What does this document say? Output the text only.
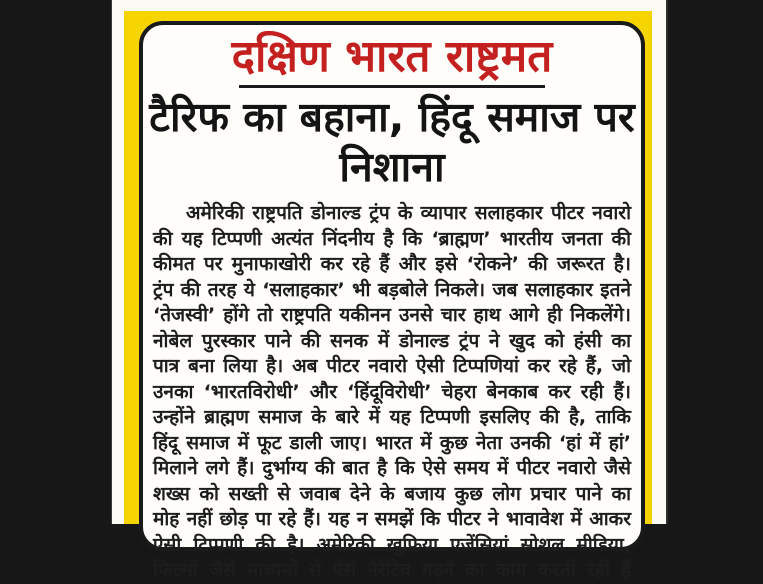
दक्षिण भारत राष्ट्रमत
टैरिफ का बहाना, हिंदू समाज पर निशाना
अमेरिकी राष्ट्रपति डोनाल्ड ट्रंप के व्यापार सलाहकार पीटर नवारो
की यह टिप्पणी अत्यंत निंदनीय है कि ‘ब्राह्मण’ भारतीय जनता की
कीमत पर मुनाफाखोरी कर रहे हैं और इसे ‘रोकने’ की जरूरत है।
ट्रंप की तरह ये ‘सलाहकार’ भी बड़बोले निकले। जब सलाहकार इतने
‘तेजस्वी’ होंगे तो राष्ट्रपति यकीनन उनसे चार हाथ आगे ही निकलेंगे।
नोबेल पुरस्कार पाने की सनक में डोनाल्ड ट्रंप ने खुद को हंसी का
पात्र बना लिया है। अब पीटर नवारो ऐसी टिप्पणियां कर रहे हैं, जो
उनका ‘भारतविरोधी’ और ‘हिंदूविरोधी’ चेहरा बेनकाब कर रही हैं।
उन्होंने ब्राह्मण समाज के बारे में यह टिप्पणी इसलिए की है, ताकि
हिंदू समाज में फूट डाली जाए। भारत में कुछ नेता उनकी ‘हां में हां’
मिलाने लगे हैं। दुर्भाग्य की बात है कि ऐसे समय में पीटर नवारो जैसे
शख्स को सख्ती से जवाब देने के बजाय कुछ लोग प्रचार पाने का
मोह नहीं छोड़ पा रहे हैं। यह न समझें कि पीटर ने भावावेश में आकर
ऐसी टिप्पणी की है। अमेरिकी खुफिया एजेंसियां सोशल मीडिया,
फिल्मों जैसे माध्यमों से ऐसे नैरेटिव गढ़ने का काम करती रही हैं
